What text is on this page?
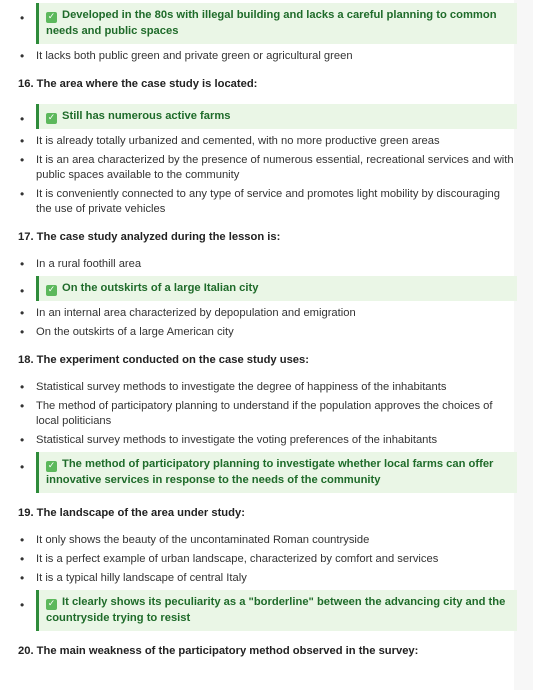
•	✓ Developed in the 80s with illegal building and lacks a careful planning to common needs and public spaces
• It lacks both public green and private green or agricultural green
16. The area where the case study is located:
•	✓ Still has numerous active farms
• It is already totally urbanized and cemented, with no more productive green areas
• It is an area characterized by the presence of numerous essential, recreational services and with public spaces available to the community
• It is conveniently connected to any type of service and promotes light mobility by discouraging the use of private vehicles
17. The case study analyzed during the lesson is:
• In a rural foothill area
•	✓ On the outskirts of a large Italian city
• In an internal area characterized by depopulation and emigration
• On the outskirts of a large American city
18. The experiment conducted on the case study uses:
• Statistical survey methods to investigate the degree of happiness of the inhabitants
• The method of participatory planning to understand if the population approves the choices of local politicians
• Statistical survey methods to investigate the voting preferences of the inhabitants
•	✓ The method of participatory planning to investigate whether local farms can offer innovative services in response to the needs of the community
19. The landscape of the area under study:
• It only shows the beauty of the uncontaminated Roman countryside
• It is a perfect example of urban landscape, characterized by comfort and services
• It is a typical hilly landscape of central Italy
•	✓ It clearly shows its peculiarity as a "borderline" between the advancing city and the countryside trying to resist
20. The main weakness of the participatory method observed in the survey:
